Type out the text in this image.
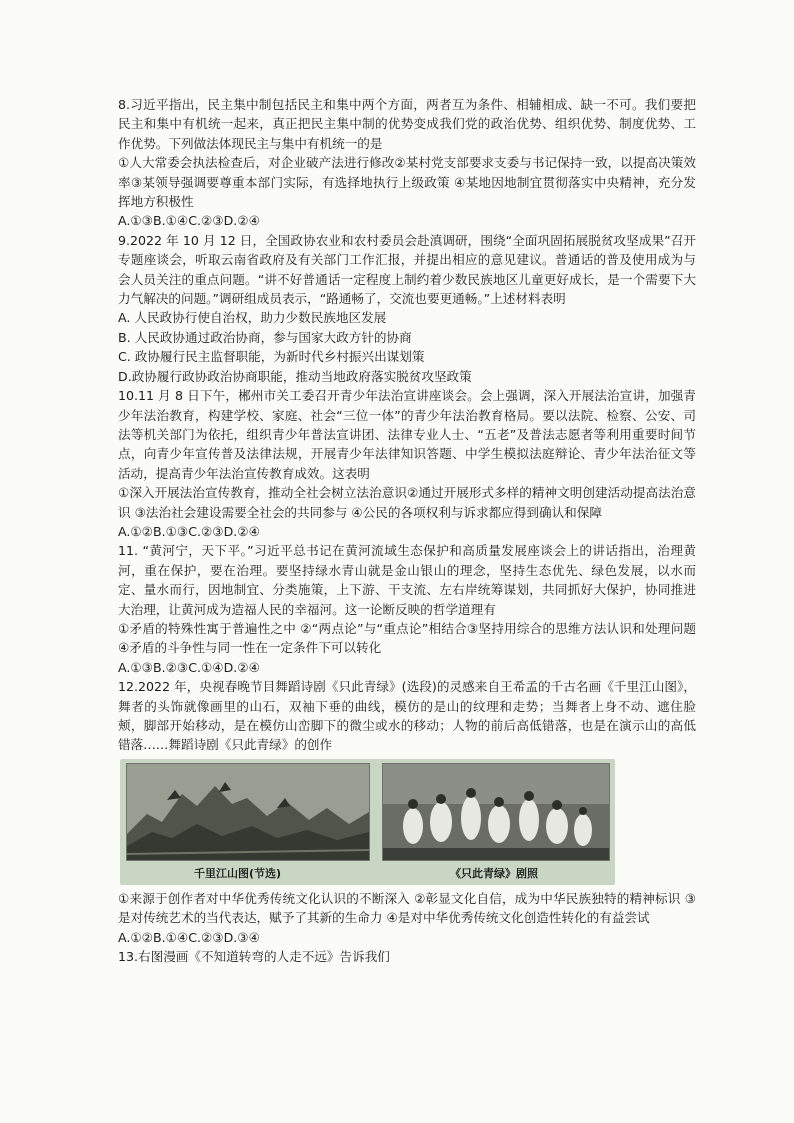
8.习近平指出，民主集中制包括民主和集中两个方面，两者互为条件、相辅相成、缺一不可。我们要把民主和集中有机统一起来，真正把民主集中制的优势变成我们党的政治优势、组织优势、制度优势、工作优势。下列做法体现民主与集中有机统一的是

①人大常委会执法检查后，对企业破产法进行修改②某村党支部要求支委与书记保持一致，以提高决策效率③某领导强调要尊重本部门实际，有选择地执行上级政策 ④某地因地制宜贯彻落实中央精神，充分发挥地方积极性

A.①③B.①④C.②③D.②④

9.2022 年 10 月 12 日，全国政协农业和农村委员会赴滇调研，围绕“全面巩固拓展脱贫攻坚成果”召开专题座谈会，听取云南省政府及有关部门工作汇报，并提出相应的意见建议。普通话的普及使用成为与会人员关注的重点问题。“讲不好普通话一定程度上制约着少数民族地区儿童更好成长，是一个需要下大力气解决的问题。”调研组成员表示，“路通畅了，交流也要更通畅。”上述材料表明

A. 人民政协行使自治权，助力少数民族地区发展

B. 人民政协通过政治协商，参与国家大政方针的协商

C. 政协履行民主监督职能，为新时代乡村振兴出谋划策

D.政协履行政协政治协商职能，推动当地政府落实脱贫攻坚政策

10.11 月 8 日下午，郴州市关工委召开青少年法治宣讲座谈会。会上强调，深入开展法治宣讲，加强青少年法治教育，构建学校、家庭、社会“三位一体”的青少年法治教育格局。要以法院、检察、公安、司法等机关部门为依托，组织青少年普法宣讲团、法律专业人士、“五老”及普法志愿者等利用重要时间节点，向青少年宣传普及法律法规，开展青少年法律知识答题、中学生模拟法庭辩论、青少年法治征文等活动，提高青少年法治宣传教育成效。这表明

①深入开展法治宣传教育，推动全社会树立法治意识②通过开展形式多样的精神文明创建活动提高法治意识 ③法治社会建设需要全社会的共同参与 ④公民的各项权利与诉求都应得到确认和保障

A.①②B.①③C.②③D.②④

11. “黄河宁，天下平。”习近平总书记在黄河流域生态保护和高质量发展座谈会上的讲话指出，治理黄河，重在保护，要在治理。要坚持绿水青山就是金山银山的理念，坚持生态优先、绿色发展，以水而定、量水而行，因地制宜、分类施策，上下游、干支流、左右岸统筹谋划，共同抓好大保护，协同推进大治理，让黄河成为造福人民的幸福河。这一论断反映的哲学道理有

①矛盾的特殊性寓于普遍性之中 ②“两点论”与“重点论”相结合③坚持用综合的思维方法认识和处理问题④矛盾的斗争性与同一性在一定条件下可以转化

A.①③B.②③C.①④D.②④

12.2022 年，央视春晚节目舞蹈诗剧《只此青绿》(选段)的灵感来自王希孟的千古名画《千里江山图》，舞者的头饰就像画里的山石，双袖下垂的曲线，模仿的是山的纹理和走势；当舞者上身不动、遮住脸颊，脚部开始移动，是在模仿山峦脚下的微尘或水的移动；人物的前后高低错落，也是在演示山的高低错落……舞蹈诗剧《只此青绿》的创作

千里江山图(节选)	《只此青绿》剧照

①来源于创作者对中华优秀传统文化认识的不断深入 ②彰显文化自信，成为中华民族独特的精神标识 ③是对传统艺术的当代表达，赋予了其新的生命力 ④是对中华优秀传统文化创造性转化的有益尝试

A.①②B.①④C.②③D.③④

13.右图漫画《不知道转弯的人走不远》告诉我们
